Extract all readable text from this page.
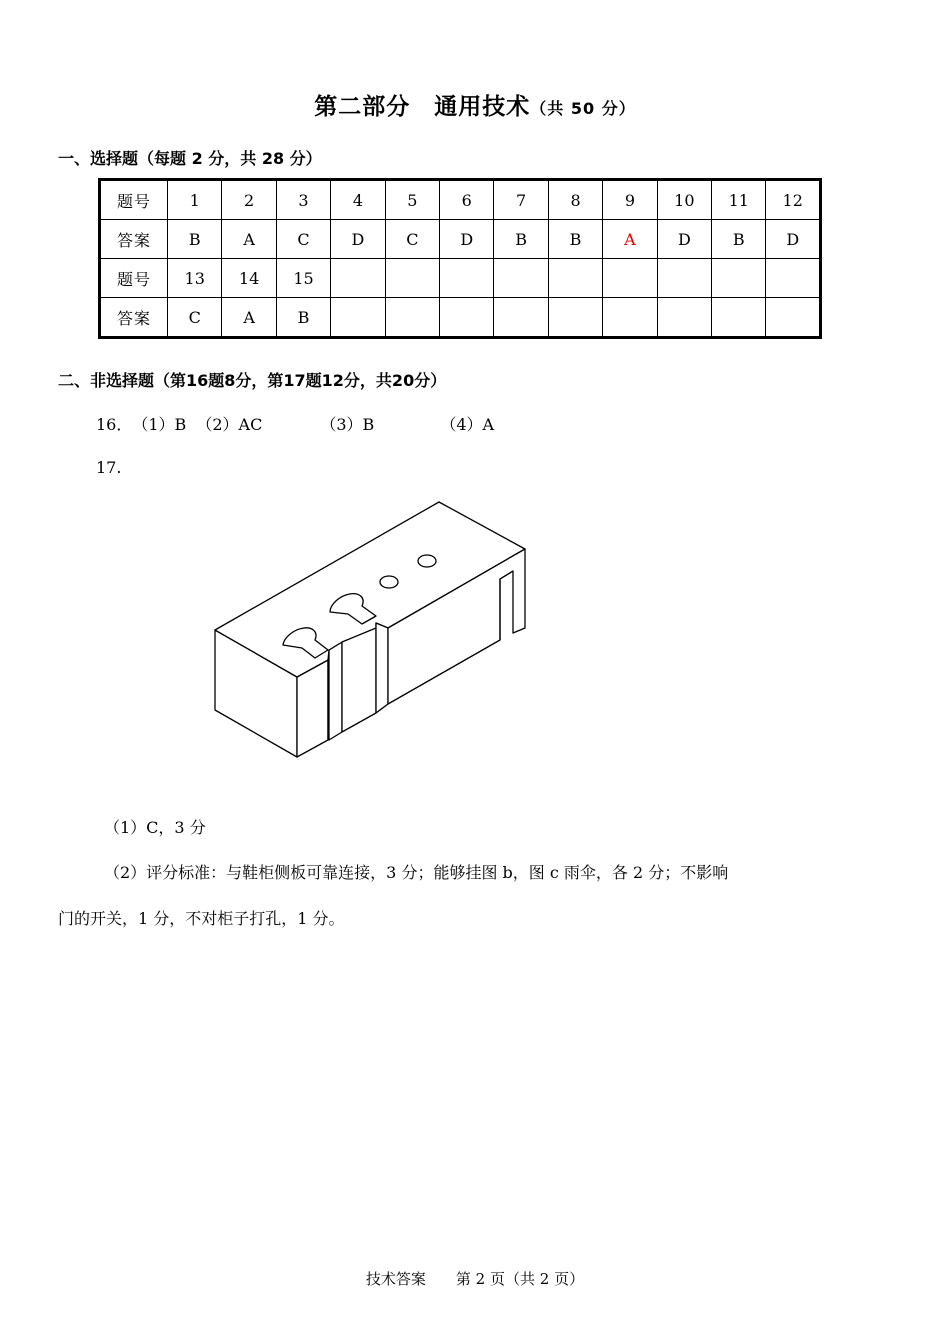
第二部分　通用技术（共 50 分）
一、选择题（每题 2 分，共 28 分）
题号	1	2	3	4	5	6	7	8	9	10	11	12
答案	B	A	C	D	C	D	B	B	A	D	B	D
题号	13	14	15									
答案	C	A	B									
二、非选择题（第16题8分，第17题12分，共20分）
16．（1）B （2）AC	（3）B	（4）A
17.
（1）C，3 分
（2）评分标准：与鞋柜侧板可靠连接，3 分；能够挂图 b，图 c 雨伞，各 2 分；不影响
门的开关，1 分，不对柜子打孔，1 分。
技术答案　　第 2 页（共 2 页）
